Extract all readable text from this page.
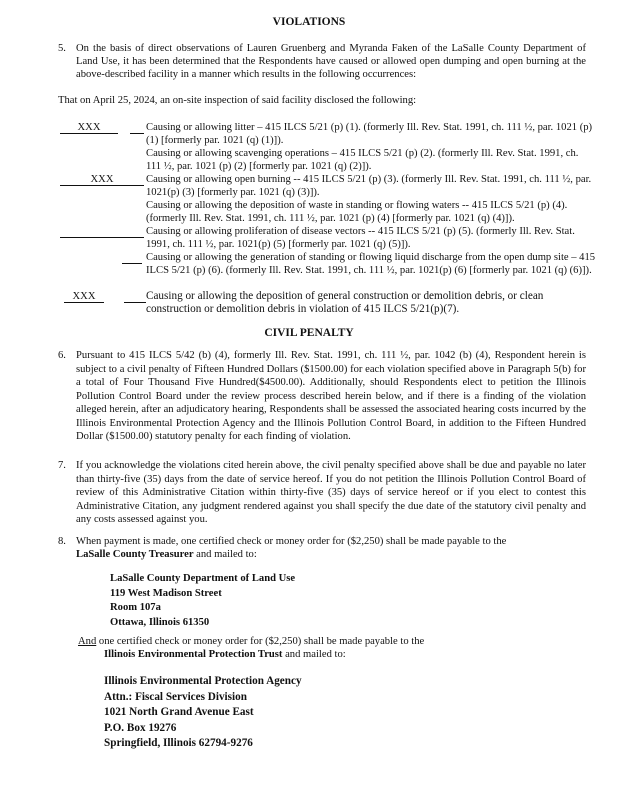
VIOLATIONS
5. On the basis of direct observations of Lauren Gruenberg and Myranda Faken of the LaSalle County Department of Land Use, it has been determined that the Respondents have caused or allowed open dumping and open burning at the above-described facility in a manner which results in the following occurrences:
That on April 25, 2024, an on-site inspection of said facility disclosed the following:
XXX	Causing or allowing litter – 415 ILCS 5/21 (p) (1). (formerly Ill. Rev. Stat. 1991, ch. 111 ½, par. 1021 (p) (1) [formerly par. 1021 (q) (1)]).
Causing or allowing scavenging operations – 415 ILCS 5/21 (p) (2). (formerly Ill. Rev. Stat. 1991, ch. 111 ½, par. 1021 (p) (2) [formerly par. 1021 (q) (2)]).
XXX	Causing or allowing open burning -- 415 ILCS 5/21 (p) (3). (formerly Ill. Rev. Stat. 1991, ch. 111 ½, par. 1021(p) (3) [formerly par. 1021 (q) (3)]).
Causing or allowing the deposition of waste in standing or flowing waters -- 415 ILCS 5/21 (p) (4). (formerly Ill. Rev. Stat. 1991, ch. 111 ½, par. 1021 (p) (4) [formerly par. 1021 (q) (4)]).
Causing or allowing proliferation of disease vectors -- 415 ILCS 5/21 (p) (5). (formerly Ill. Rev. Stat. 1991, ch. 111 ½, par. 1021(p) (5) [formerly par. 1021 (q) (5)]).
Causing or allowing the generation of standing or flowing liquid discharge from the open dump site – 415 ILCS 5/21 (p) (6). (formerly Ill. Rev. Stat. 1991, ch. 111 ½, par. 1021(p) (6) [formerly par. 1021 (q) (6)]).
XXX	Causing or allowing the deposition of general construction or demolition debris, or clean construction or demolition debris in violation of 415 ILCS 5/21(p)(7).
CIVIL PENALTY
6. Pursuant to 415 ILCS 5/42 (b) (4), formerly Ill. Rev. Stat. 1991, ch. 111 ½, par. 1042 (b) (4), Respondent herein is subject to a civil penalty of Fifteen Hundred Dollars ($1500.00) for each violation specified above in Paragraph 5(b) for a total of Four Thousand Five Hundred($4500.00). Additionally, should Respondents elect to petition the Illinois Pollution Control Board under the review process described herein below, and if there is a finding of the violation alleged herein, after an adjudicatory hearing, Respondents shall be assessed the associated hearing costs incurred by the Illinois Environmental Protection Agency and the Illinois Pollution Control Board, in addition to the Fifteen Hundred Dollar ($1500.00) statutory penalty for each finding of violation.
7. If you acknowledge the violations cited herein above, the civil penalty specified above shall be due and payable no later than thirty-five (35) days from the date of service hereof. If you do not petition the Illinois Pollution Control Board of review of this Administrative Citation within thirty-five (35) days of service hereof or if you elect to contest this Administrative Citation, any judgment rendered against you shall specify the due date of the statutory civil penalty and any costs assessed against you.
8. When payment is made, one certified check or money order for ($2,250) shall be made payable to the
LaSalle County Treasurer and mailed to:
LaSalle County Department of Land Use
119 West Madison Street
Room 107a
Ottawa, Illinois 61350
And one certified check or money order for ($2,250) shall be made payable to the
Illinois Environmental Protection Trust and mailed to:
Illinois Environmental Protection Agency
Attn.: Fiscal Services Division
1021 North Grand Avenue East
P.O. Box 19276
Springfield, Illinois 62794-9276
